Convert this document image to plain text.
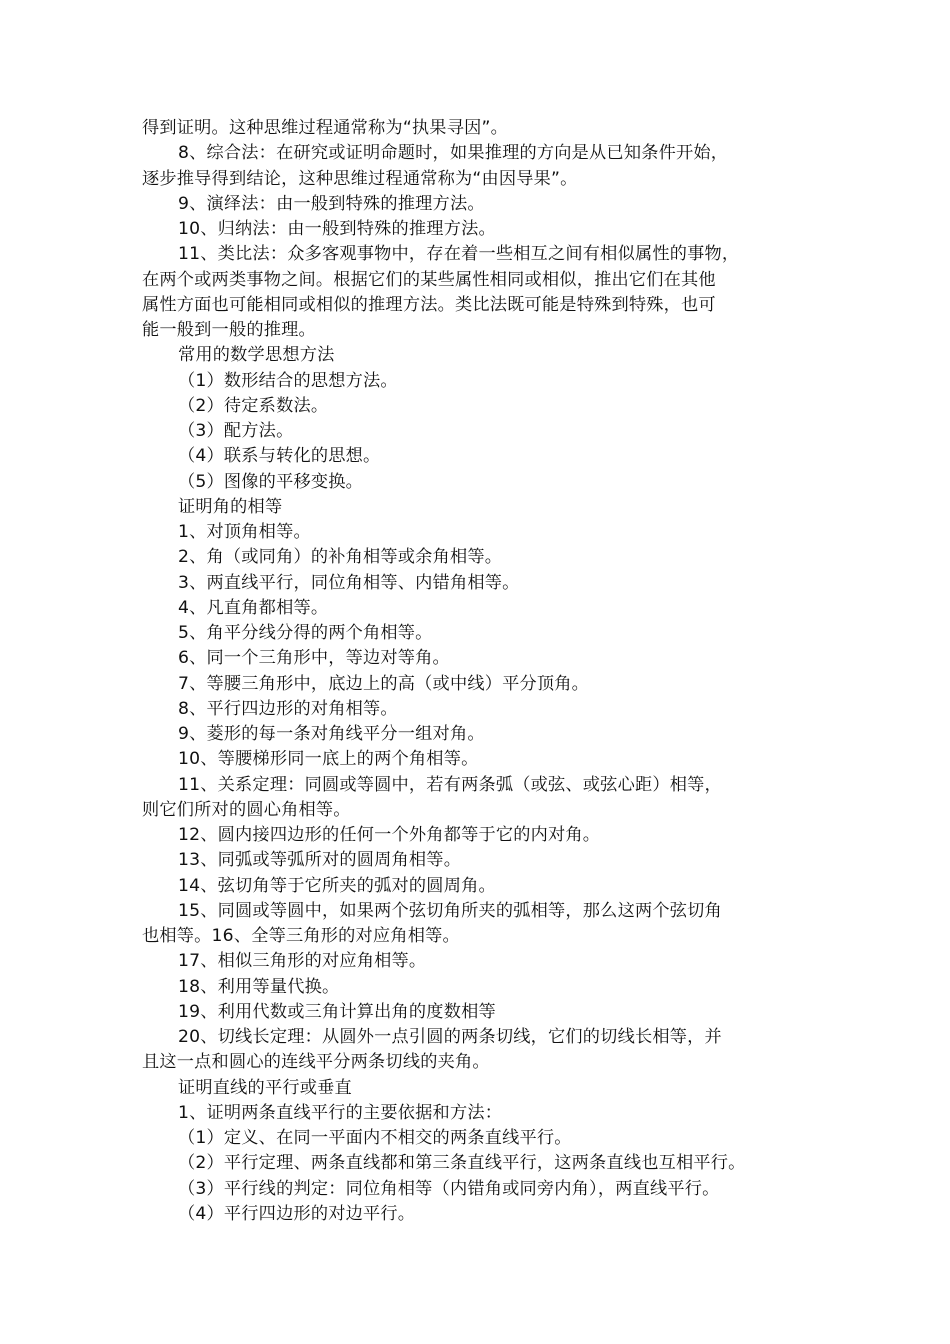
得到证明。这种思维过程通常称为“执果寻因”。
8、综合法：在研究或证明命题时，如果推理的方向是从已知条件开始，
逐步推导得到结论，这种思维过程通常称为“由因导果”。
9、演绎法：由一般到特殊的推理方法。
10、归纳法：由一般到特殊的推理方法。
11、类比法：众多客观事物中，存在着一些相互之间有相似属性的事物，
在两个或两类事物之间。根据它们的某些属性相同或相似，推出它们在其他
属性方面也可能相同或相似的推理方法。类比法既可能是特殊到特殊，也可
能一般到一般的推理。
常用的数学思想方法
（1）数形结合的思想方法。
（2）待定系数法。
（3）配方法。
（4）联系与转化的思想。
（5）图像的平移变换。
证明角的相等
1、对顶角相等。
2、角（或同角）的补角相等或余角相等。
3、两直线平行，同位角相等、内错角相等。
4、凡直角都相等。
5、角平分线分得的两个角相等。
6、同一个三角形中，等边对等角。
7、等腰三角形中，底边上的高（或中线）平分顶角。
8、平行四边形的对角相等。
9、菱形的每一条对角线平分一组对角。
10、等腰梯形同一底上的两个角相等。
11、关系定理：同圆或等圆中，若有两条弧（或弦、或弦心距）相等，
则它们所对的圆心角相等。
12、圆内接四边形的任何一个外角都等于它的内对角。
13、同弧或等弧所对的圆周角相等。
14、弦切角等于它所夹的弧对的圆周角。
15、同圆或等圆中，如果两个弦切角所夹的弧相等，那么这两个弦切角
也相等。16、全等三角形的对应角相等。
17、相似三角形的对应角相等。
18、利用等量代换。
19、利用代数或三角计算出角的度数相等
20、切线长定理：从圆外一点引圆的两条切线，它们的切线长相等，并
且这一点和圆心的连线平分两条切线的夹角。
证明直线的平行或垂直
1、证明两条直线平行的主要依据和方法：
（1）定义、在同一平面内不相交的两条直线平行。
（2）平行定理、两条直线都和第三条直线平行，这两条直线也互相平行。
（3）平行线的判定：同位角相等（内错角或同旁内角），两直线平行。
（4）平行四边形的对边平行。
